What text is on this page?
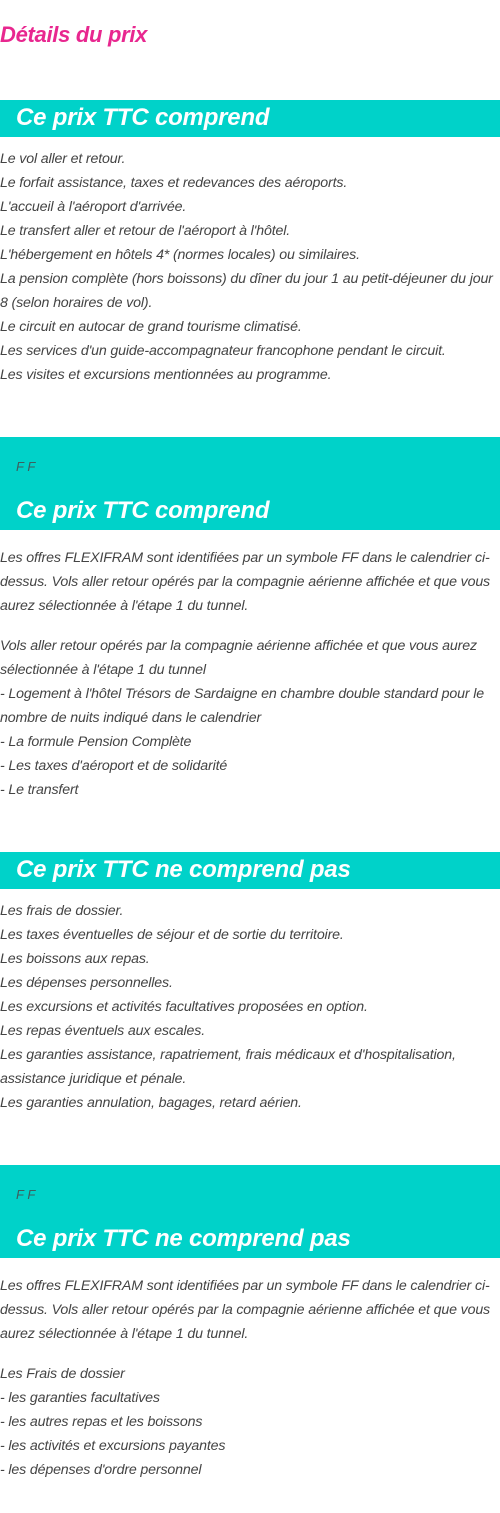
Détails du prix
Ce prix TTC comprend
Le vol aller et retour.
Le forfait assistance, taxes et redevances des aéroports.
L'accueil à l'aéroport d'arrivée.
Le transfert aller et retour de l'aéroport à l'hôtel.
L'hébergement en hôtels 4* (normes locales) ou similaires.
La pension complète (hors boissons) du dîner du jour 1 au petit-déjeuner du jour
8 (selon horaires de vol).
Le circuit en autocar de grand tourisme climatisé.
Les services d'un guide-accompagnateur francophone pendant le circuit.
Les visites et excursions mentionnées au programme.
F F
Ce prix TTC comprend
Les offres FLEXIFRAM sont identifiées par un symbole FF dans le calendrier ci-
dessus. Vols aller retour opérés par la compagnie aérienne affichée et que vous
aurez sélectionnée à l'étape 1 du tunnel.
Vols aller retour opérés par la compagnie aérienne affichée et que vous aurez
sélectionnée à l'étape 1 du tunnel
- Logement à l'hôtel Trésors de Sardaigne en chambre double standard pour le
nombre de nuits indiqué dans le calendrier
- La formule Pension Complète
- Les taxes d'aéroport et de solidarité
- Le transfert
Ce prix TTC ne comprend pas
Les frais de dossier.
Les taxes éventuelles de séjour et de sortie du territoire.
Les boissons aux repas.
Les dépenses personnelles.
Les excursions et activités facultatives proposées en option.
Les repas éventuels aux escales.
Les garanties assistance, rapatriement, frais médicaux et d'hospitalisation,
assistance juridique et pénale.
Les garanties annulation, bagages, retard aérien.
F F
Ce prix TTC ne comprend pas
Les offres FLEXIFRAM sont identifiées par un symbole FF dans le calendrier ci-
dessus. Vols aller retour opérés par la compagnie aérienne affichée et que vous
aurez sélectionnée à l'étape 1 du tunnel.
Les Frais de dossier
- les garanties facultatives
- les autres repas et les boissons
- les activités et excursions payantes
- les dépenses d'ordre personnel
